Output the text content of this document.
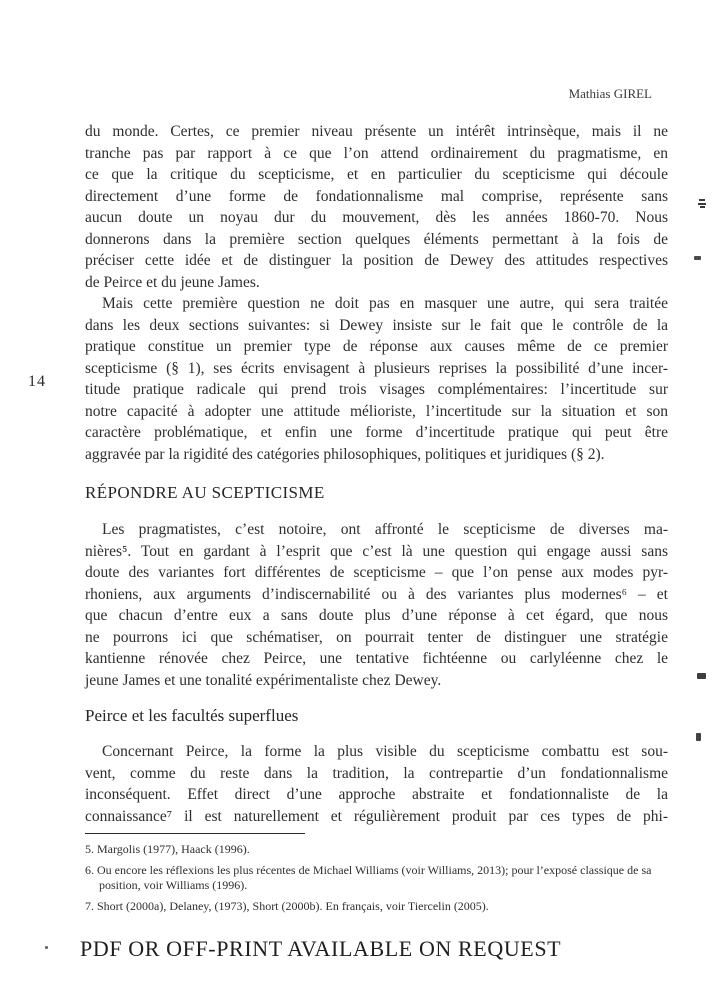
Mathias GIREL
14
du monde. Certes, ce premier niveau présente un intérêt intrinsèque, mais il ne
tranche pas par rapport à ce que l’on attend ordinairement du pragmatisme, en
ce que la critique du scepticisme, et en particulier du scepticisme qui découle
directement d’une forme de fondationnalisme mal comprise, représente sans
aucun doute un noyau dur du mouvement, dès les années 1860-70. Nous
donnerons dans la première section quelques éléments permettant à la fois de
préciser cette idée et de distinguer la position de Dewey des attitudes respectives
de Peirce et du jeune James.
Mais cette première question ne doit pas en masquer une autre, qui sera traitée
dans les deux sections suivantes: si Dewey insiste sur le fait que le contrôle de la
pratique constitue un premier type de réponse aux causes même de ce premier
scepticisme (§ 1), ses écrits envisagent à plusieurs reprises la possibilité d’une incer-
titude pratique radicale qui prend trois visages complémentaires: l’incertitude sur
notre capacité à adopter une attitude mélioriste, l’incertitude sur la situation et son
caractère problématique, et enfin une forme d’incertitude pratique qui peut être
aggravée par la rigidité des catégories philosophiques, politiques et juridiques (§ 2).
RÉPONDRE AU SCEPTICISME
Les pragmatistes, c’est notoire, ont affronté le scepticisme de diverses ma-
nières⁵. Tout en gardant à l’esprit que c’est là une question qui engage aussi sans
doute des variantes fort différentes de scepticisme – que l’on pense aux modes pyr-
rhoniens, aux arguments d’indiscernabilité ou à des variantes plus modernes⁶ – et
que chacun d’entre eux a sans doute plus d’une réponse à cet égard, que nous
ne pourrons ici que schématiser, on pourrait tenter de distinguer une stratégie
kantienne rénovée chez Peirce, une tentative fichtéenne ou carlyléenne chez le
jeune James et une tonalité expérimentaliste chez Dewey.
Peirce et les facultés superflues
Concernant Peirce, la forme la plus visible du scepticisme combattu est sou-
vent, comme du reste dans la tradition, la contrepartie d’un fondationnalisme
inconséquent. Effet direct d’une approche abstraite et fondationnaliste de la
connaissance⁷ il est naturellement et régulièrement produit par ces types de phi-
5. Margolis (1977), Haack (1996).
6. Ou encore les réflexions les plus récentes de Michael Williams (voir Williams, 2013); pour l’exposé classique de sa position, voir Williams (1996).
7. Short (2000a), Delaney, (1973), Short (2000b). En français, voir Tiercelin (2005).
PDF OR OFF-PRINT AVAILABLE ON REQUEST
